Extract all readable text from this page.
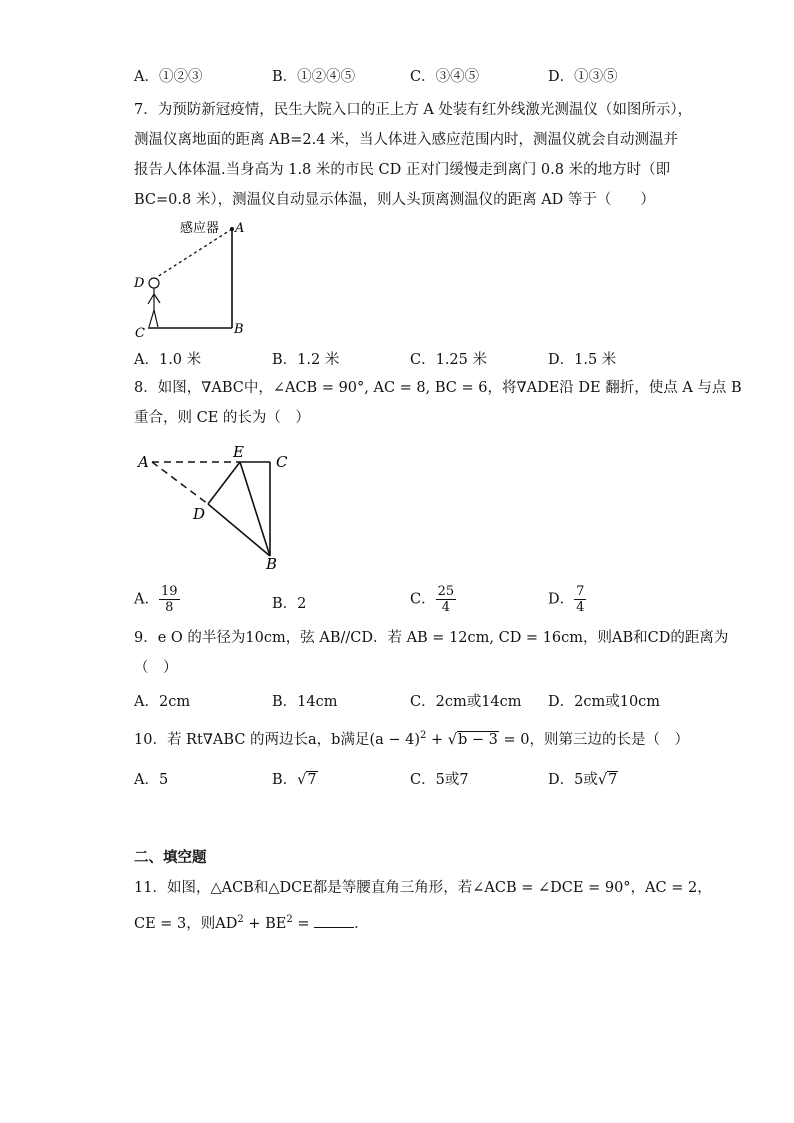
A．①②③	B．①②④⑤	C．③④⑤	D．①③⑤
7．为预防新冠疫情，民生大院入口的正上方 A 处装有红外线激光测温仪（如图所示），
测温仪离地面的距离 AB=2.4 米，当人体进入感应范围内时，测温仪就会自动测温并
报告人体体温.当身高为 1.8 米的市民 CD 正对门缓慢走到离门 0.8 米的地方时（即
BC=0.8 米），测温仪自动显示体温，则人头顶离测温仪的距离 AD 等于（　　）
感应器 A
D
C	B
A．1.0 米	B．1.2 米	C．1.25 米	D．1.5 米
8．如图，∇ABC中，∠ACB = 90°, AC = 8, BC = 6，将∇ADE沿 DE 翻折，使点 A 与点 B
重合，则 CE 的长为（　）
A
E
C
D
B
A． $\frac{19}{8}$	B．2	C． $\frac{25}{4}$	D． $\frac{7}{4}$
9．e O 的半径为10cm，弦 AB//CD．若 AB = 12cm, CD = 16cm，则AB和CD的距离为
（　）
A．2cm	B．14cm	C．2cm或14cm D．2cm或10cm
10．若 Rt∇ABC 的两边长a，b满足$(a - 4)^2 + √b - 3 = 0$，则第三边的长是（　）
A．5	B．√7	C．5或7	D．5或√7
二、填空题
11．如图，△ACB和△DCE都是等腰直角三角形，若∠ACB = ∠DCE = 90°，AC = 2，
CE = 3，则$AD^2 + BE^2$ =	．
